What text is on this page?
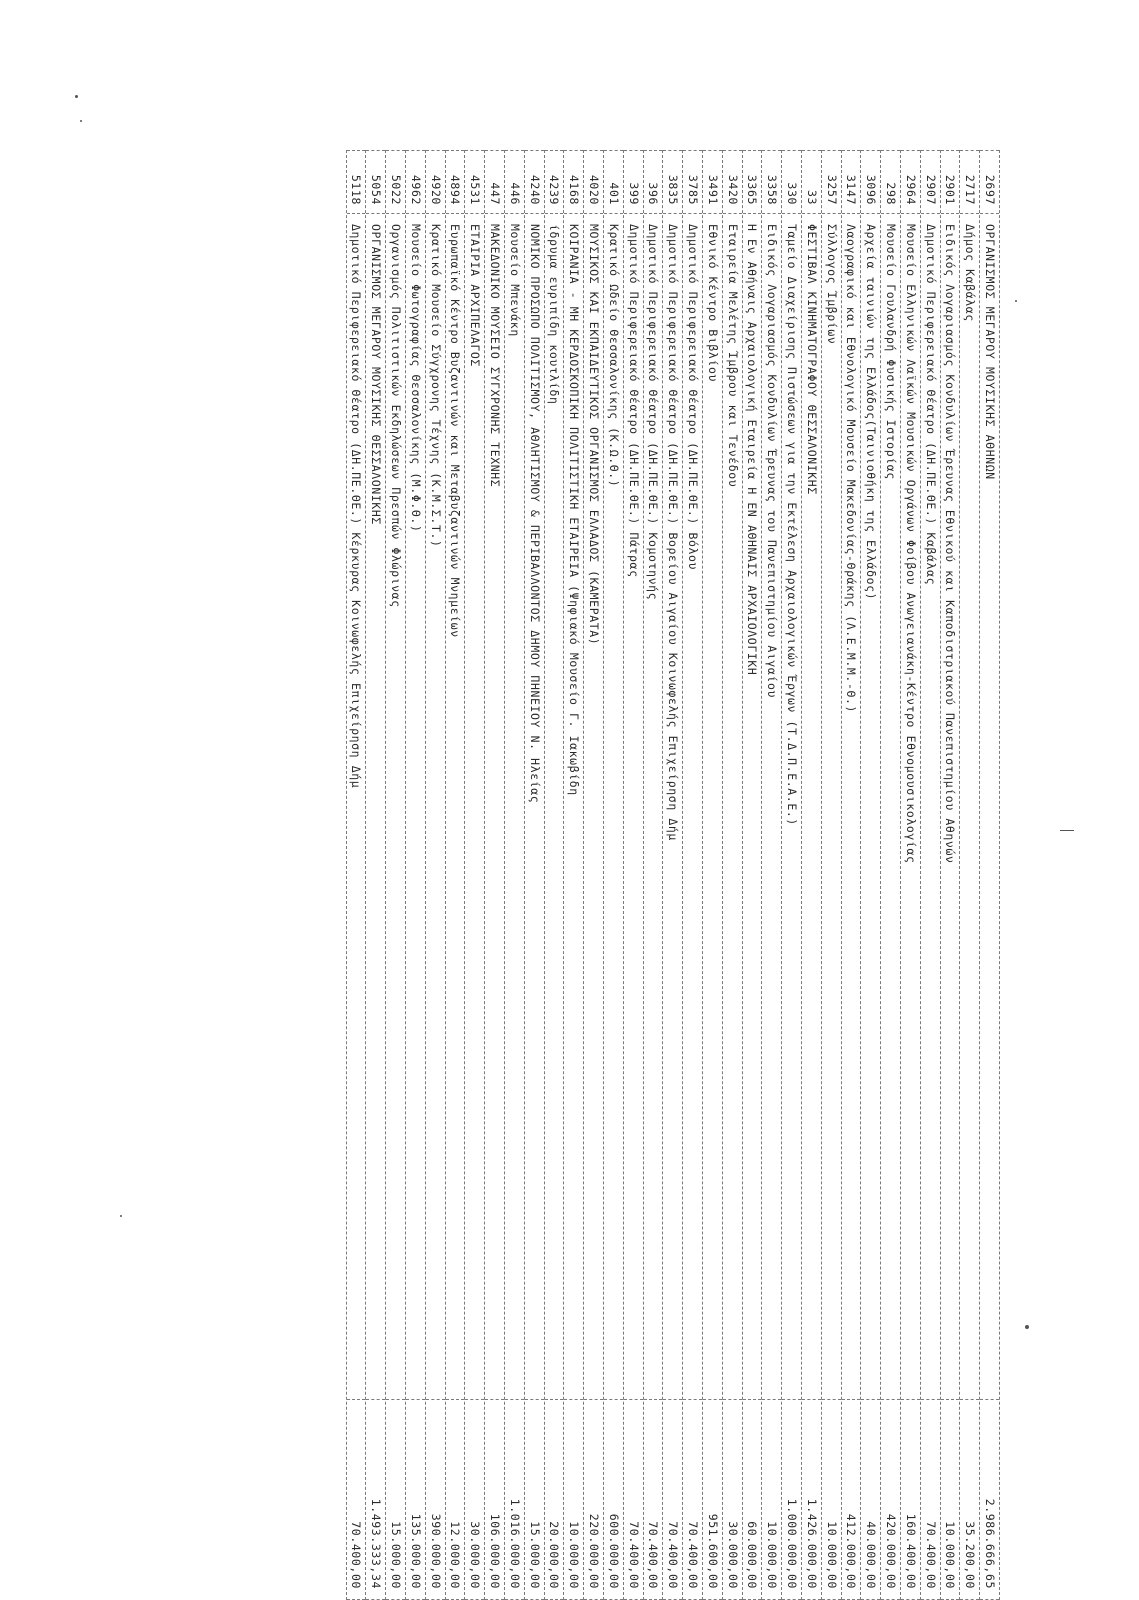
2697
ΟΡΓΑΝΙΣΜΟΣ ΜΕΓΑΡΟΥ ΜΟΥΣΙΚΗΣ ΑΘΗΝΩΝ
2.986.666,65
2717
Δήμος Καβάλας
35.200,00
2901
Ειδικός Λογαριασμός Κονδυλίων Έρευνας Εθνικού και Καποδιστριακού Πανεπιστημίου Αθηνών
10.000,00
2907
Δημοτικό Περιφερειακό Θέατρο (ΔΗ.ΠΕ.ΘΕ.) Καβάλας
70.400,00
2964
Μουσείο Ελληνικών Λαϊκών Μουσικών Οργάνων Φοίβου Ανωγειανάκη-Κέντρο Εθνομουσικολογίας
160.400,00
298
Μουσείο Γουλανδρή Φυσικής Ιστορίας
420.000,00
3096
Αρχεία ταινιών της Ελλάδος(Ταινιοθήκη της Ελλάδος)
40.000,00
3147
Λαογραφικό και Εθνολογικό Μουσείο Μακεδονίας-Θράκης (Λ.Ε.Μ.Μ.-Θ.)
412.000,00
3257
Σύλλογος Ίμβρίων
10.000,00
33
ΦΕΣΤΙΒΑΛ ΚΙΝΗΜΑΤΟΓΡΑΦΟΥ ΘΕΣΣΑΛΟΝΙΚΗΣ
1.426.000,00
330
Ταμείο Διαχείρισης Πιστώσεων για την Εκτέλεση Αρχαιολογικών Έργων (Τ.Δ.Π.Ε.Α.Ε.)
1.000.000,00
3358
Ειδικός Λογαριασμός Κονδυλίων Έρευνας του Πανεπιστημίου Αιγαίου
10.000,00
3365
Η Εν Αθήναις Αρχαιολογική Εταιρεία Η ΕΝ ΑΘΗΝΑΙΣ ΑΡΧΑΙΟΛΟΓΙΚΗ
60.000,00
3420
Εταιρεία Μελέτης Ίμβρου και Τενέδου
30.000,00
3491
Εθνικό Κέντρο Βιβλίου
951.600,00
3785
Δημοτικό Περιφερειακό Θέατρο (ΔΗ.ΠΕ.ΘΕ.) Βόλου
70.400,00
3835
Δημοτικό Περιφερειακό Θέατρο (ΔΗ.ΠΕ.ΘΕ.) Βορείου Αιγαίου Κοινωφελής Επιχείρηση Δήμ
70.400,00
396
Δημοτικό Περιφερειακό Θέατρο (ΔΗ.ΠΕ.ΘΕ.) Κομοτηνής
70.400,00
399
Δημοτικό Περιφερειακό Θέατρο (ΔΗ.ΠΕ.ΘΕ.) Πάτρας
70.400,00
401
Κρατικό Ωδείο Θεσσαλονίκης (Κ.Ω.Θ.)
600.000,00
4020
ΜΟΥΣΙΚΟΣ ΚΑΙ ΕΚΠΑΙΔΕΥΤΙΚΟΣ ΟΡΓΑΝΙΣΜΟΣ ΕΛΛΑΔΟΣ (ΚΑΜΕΡΑΤΑ)
220.000,00
4168
ΚΟΙΡΑΝΙΑ - ΜΗ ΚΕΡΔΟΣΚΟΠΙΚΗ ΠΟΛΙΤΙΣΤΙΚΗ ΕΤΑΙΡΕΙΑ (Ψηφιακό Μουσείο Γ. Ιακωβίδη
10.000,00
4239
ίδρυμα ευριπίδη κουτλίδη
20.000,00
4240
ΝΟΜΙΚΟ ΠΡΟΣΩΠΟ ΠΟΛΙΤΙΣΜΟΥ, ΑΘΛΗΤΙΣΜΟΥ & ΠΕΡΙΒΑΛΛΟΝΤΟΣ ΔΗΜΟΥ ΠΗΝΕΙΟΥ Ν. Ηλείας
15.000,00
446
Μουσείο Μπενάκη
1.016.000,00
447
ΜΑΚΕΔΟΝΙΚΟ ΜΟΥΣΕΙΟ ΣΥΓΧΡΟΝΗΣ ΤΕΧΝΗΣ
106.000,00
4531
ΕΤΑΙΡΙΑ ΑΡΧΙΠΕΛΑΓΟΣ
30.000,00
4894
Ευρωπαϊκό Κέντρο Βυζαντινών και Μεταβυζαντινών Μνημείων
12.000,00
4920
Κρατικό Μουσείο Σύγχρονης Τέχνης (Κ.Μ.Σ.Τ.)
390.000,00
4962
Μουσείο Φωτογραφίας Θεσσαλονίκης (Μ.Φ.Θ.)
135.000,00
5022
Οργανισμός Πολιτιστικών Εκδηλώσεων Πρεσπών Φλώρινας
15.000,00
5054
ΟΡΓΑΝΙΣΜΟΣ ΜΕΓΑΡΟΥ ΜΟΥΣΙΚΗΣ ΘΕΣΣΑΛΟΝΙΚΗΣ
1.493.333,34
5118
Δημοτικό Περιφερειακό Θέατρο (ΔΗ.ΠΕ.ΘΕ.) Κέρκυρας Κοινωφελής Επιχείρηση Δήμ
70.400,00
